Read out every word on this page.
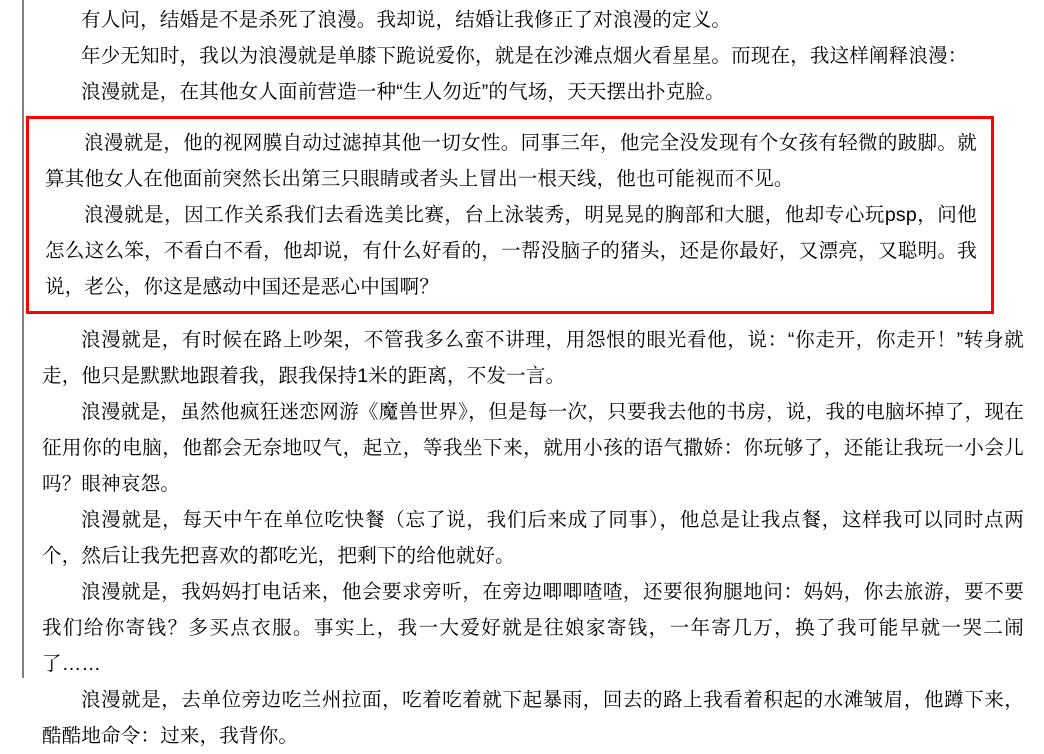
有人问，结婚是不是杀死了浪漫。我却说，结婚让我修正了对浪漫的定义。

年少无知时，我以为浪漫就是单膝下跪说爱你，就是在沙滩点烟火看星星。而现在，我这样阐释浪漫：

浪漫就是，在其他女人面前营造一种“生人勿近”的气场，天天摆出扑克脸。

浪漫就是，他的视网膜自动过滤掉其他一切女性。同事三年，他完全没发现有个女孩有轻微的跛脚。就算其他女人在他面前突然长出第三只眼睛或者头上冒出一根天线，他也可能视而不见。

浪漫就是，因工作关系我们去看选美比赛，台上泳装秀，明晃晃的胸部和大腿，他却专心玩psp，问他怎么这么笨，不看白不看，他却说，有什么好看的，一帮没脑子的猪头，还是你最好，又漂亮，又聪明。我说，老公，你这是感动中国还是恶心中国啊？

浪漫就是，有时候在路上吵架，不管我多么蛮不讲理，用怨恨的眼光看他，说：“你走开，你走开！”转身就走，他只是默默地跟着我，跟我保持1米的距离，不发一言。

浪漫就是，虽然他疯狂迷恋网游《魔兽世界》，但是每一次，只要我去他的书房，说，我的电脑坏掉了，现在征用你的电脑，他都会无奈地叹气，起立，等我坐下来，就用小孩的语气撒娇：你玩够了，还能让我玩一小会儿吗？眼神哀怨。

浪漫就是，每天中午在单位吃快餐（忘了说，我们后来成了同事），他总是让我点餐，这样我可以同时点两个，然后让我先把喜欢的都吃光，把剩下的给他就好。

浪漫就是，我妈妈打电话来，他会要求旁听，在旁边唧唧喳喳，还要很狗腿地问：妈妈，你去旅游，要不要我们给你寄钱？多买点衣服。事实上，我一大爱好就是往娘家寄钱，一年寄几万，换了我可能早就一哭二闹了……

浪漫就是，去单位旁边吃兰州拉面，吃着吃着就下起暴雨，回去的路上我看着积起的水滩皱眉，他蹲下来，酷酷地命令：过来，我背你。
